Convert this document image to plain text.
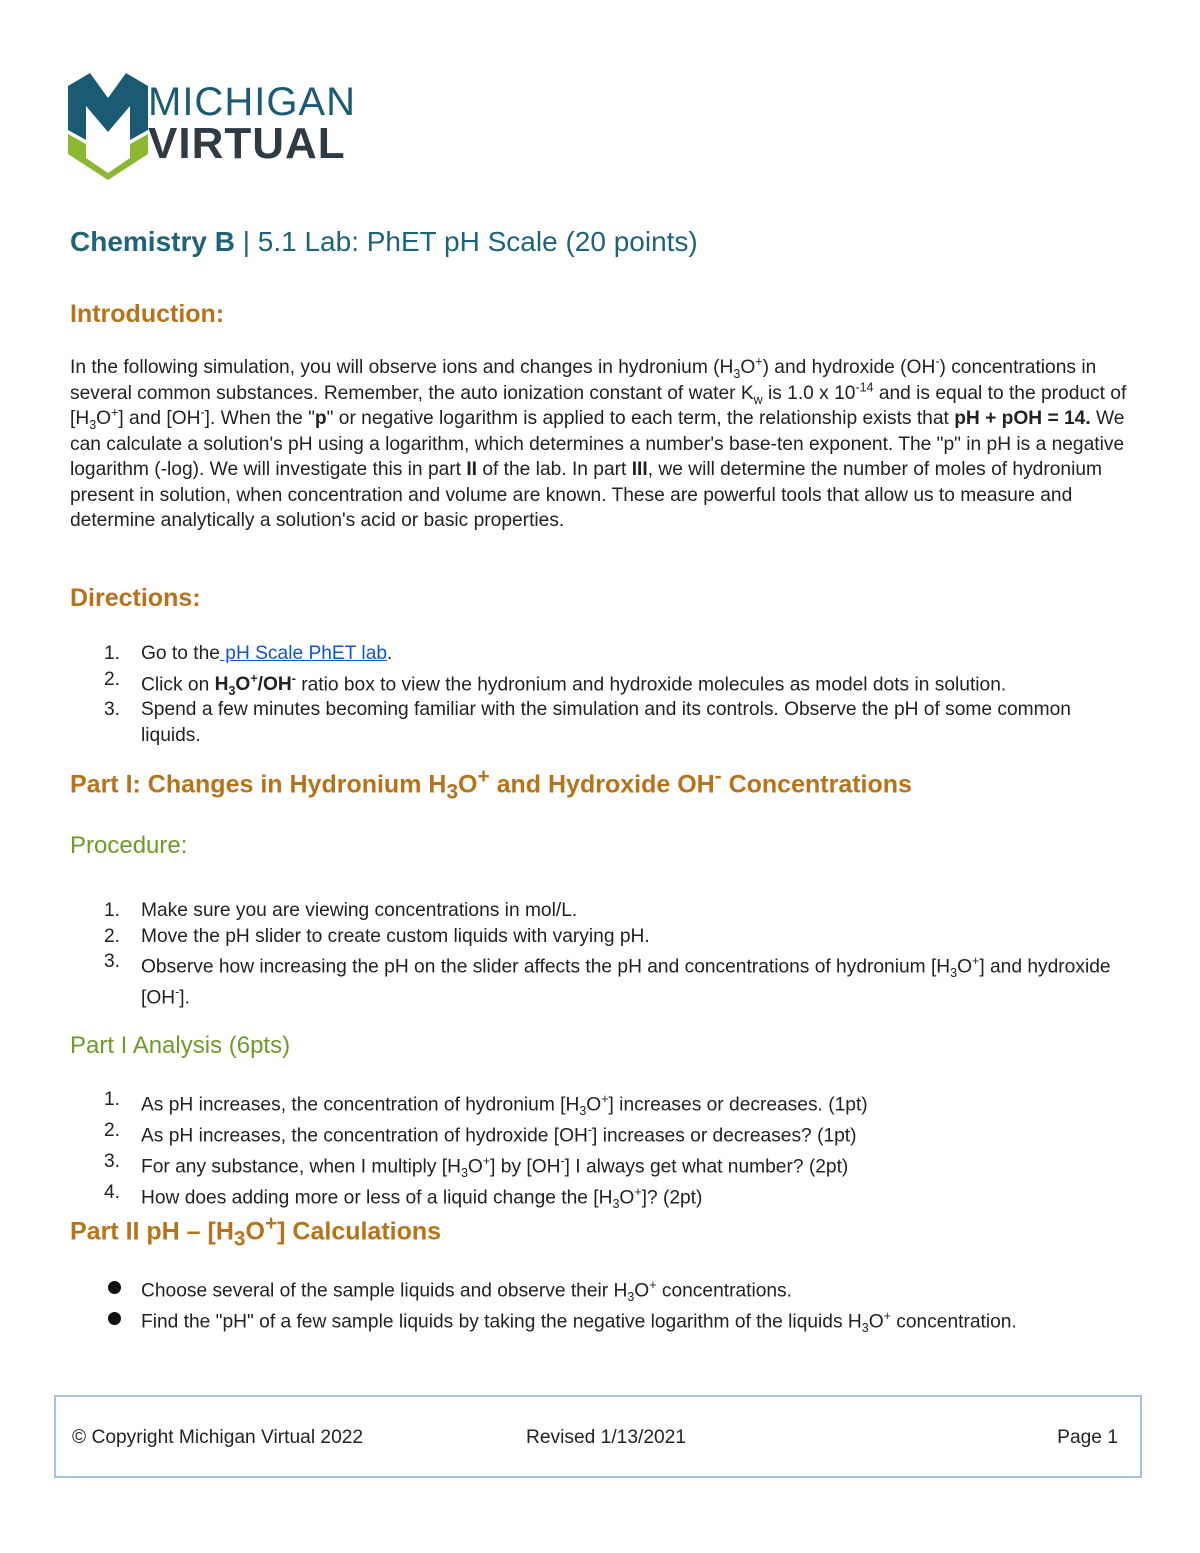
MICHIGAN
VIRTUAL
Chemistry B | 5.1 Lab: PhET pH Scale (20 points)
Introduction:
In the following simulation, you will observe ions and changes in hydronium $(H_3O^+)$ and hydroxide (OH-) concentrations in several common substances. Remember, the auto ionization constant of water $K_w$ is 1.0 x $10^{-14}$ and is equal to the product of $[H_3O^+]$ and [OH-]. When the "p" or negative logarithm is applied to each term, the relationship exists that pH + pOH = 14. We can calculate a solution's pH using a logarithm, which determines a number's base-ten exponent. The "p" in pH is a negative logarithm (-log). We will investigate this in part II of the lab. In part III, we will determine the number of moles of hydronium present in solution, when concentration and volume are known. These are powerful tools that allow us to measure and determine analytically a solution's acid or basic properties.
Directions:
1. Go to the pH Scale PhET lab.
2. Click on $H_3O^+/OH^-$ ratio box to view the hydronium and hydroxide molecules as model dots in solution.
3. Spend a few minutes becoming familiar with the simulation and its controls. Observe the pH of some common liquids.
Part I: Changes in Hydronium $H_3O^+$ and Hydroxide OH- Concentrations
Procedure:
1. Make sure you are viewing concentrations in mol/L.
2. Move the pH slider to create custom liquids with varying pH.
3. Observe how increasing the pH on the slider affects the pH and concentrations of hydronium $[H_3O^+]$ and hydroxide [OH-].
Part I Analysis (6pts)
1. As pH increases, the concentration of hydronium $[H_3O^+]$ increases or decreases. (1pt)
2. As pH increases, the concentration of hydroxide [OH-] increases or decreases? (1pt)
3. For any substance, when I multiply $[H_3O^+]$ by [OH-] I always get what number? (2pt)
4. How does adding more or less of a liquid change the $[H_3O^+]$? (2pt)
Part II pH – $[H_3O^+]$ Calculations
Choose several of the sample liquids and observe their $H_3O^+$ concentrations.
Find the "pH" of a few sample liquids by taking the negative logarithm of the liquids $H_3O^+$ concentration.
© Copyright Michigan Virtual 2022	Revised 1/13/2021	Page 1
